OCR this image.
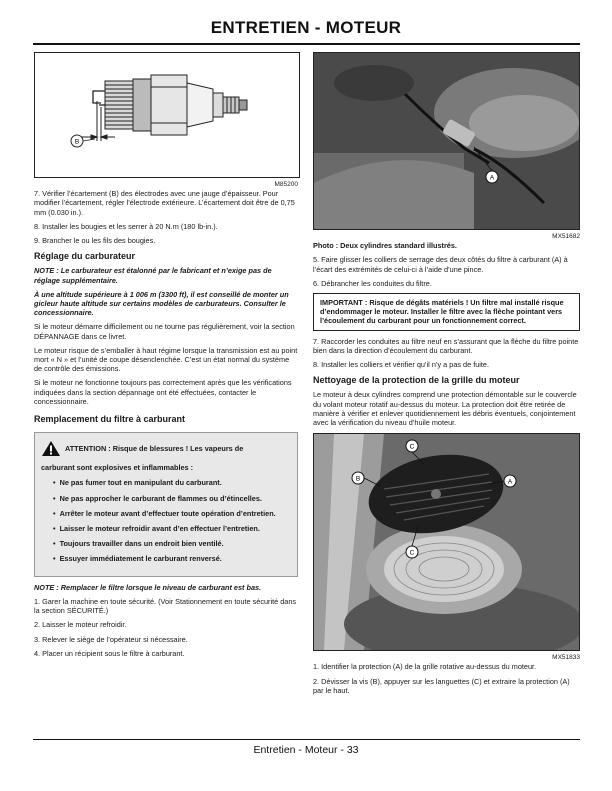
ENTRETIEN - MOTEUR
B
M85200

7. Vérifier l’écartement (B) des électrodes avec une jauge d’épaisseur. Pour modifier l’écartement, régler l’électrode extérieure. L’écartement doit être de 0,75 mm (0.030 in.).

8. Installer les bougies et les serrer à 20 N.m (180 lb-in.).

9. Brancher le ou les fils des bougies.

Réglage du carburateur

NOTE : Le carburateur est étalonné par le fabricant et n’exige pas de réglage supplémentaire.

À une altitude supérieure à 1 006 m (3300 ft), il est conseillé de monter un gicleur haute altitude sur certains modèles de carburateurs. Consulter le concessionnaire.

Si le moteur démarre difficilement ou ne tourne pas régulièrement, voir la section DÉPANNAGE dans ce livret.

Le moteur risque de s’emballer à haut régime lorsque la transmission est au point mort « N » et l’unité de coupe désenclenchée. C’est un état normal du système de contrôle des émissions.

Si le moteur ne fonctionne toujours pas correctement après que les vérifications indiquées dans la section dépannage ont été effectuées, contacter le concessionnaire.

Remplacement du filtre à carburant
ATTENTION : Risque de blessures ! Les vapeurs de
carburant sont explosives et inflammables :
• Ne pas fumer tout en manipulant du carburant.
• Ne pas approcher le carburant de flammes ou d’étincelles.
• Arrêter le moteur avant d’effectuer toute opération d’entretien.
• Laisser le moteur refroidir avant d’en effectuer l’entretien.
• Toujours travailler dans un endroit bien ventilé.
• Essuyer immédiatement le carburant renversé.

NOTE : Remplacer le filtre lorsque le niveau de carburant est bas.

1. Garer la machine en toute sécurité. (Voir Stationnement en toute sécurité dans la section SÉCURITÉ.)

2. Laisser le moteur refroidir.

3. Relever le siège de l’opérateur si nécessaire.

4. Placer un récipient sous le filtre à carburant.

A
MX51682

Photo : Deux cylindres standard illustrés.

5. Faire glisser les colliers de serrage des deux côtés du filtre à carburant (A) à l’écart des extrémités de celui-ci à l’aide d’une pince.

6. Débrancher les conduites du filtre.

IMPORTANT : Risque de dégâts matériels ! Un filtre mal installé risque d’endommager le moteur. Installer le filtre avec la flèche pointant vers l’écoulement du carburant pour un fonctionnement correct.

7. Raccorder les conduites au filtre neuf en s’assurant que la flèche du filtre pointe bien dans la direction d’écoulement du carburant.

8. Installer les colliers et vérifier qu’il n’y a pas de fuite.

Nettoyage de la protection de la grille du moteur

Le moteur à deux cylindres comprend une protection démontable sur le couvercle du volant moteur rotatif au-dessus du moteur. La protection doit être retirée de manière à vérifier et enlever quotidiennement les débris éventuels, conjointement avec la vérification du niveau d’huile moteur.

C
B	A
C
MX51833

1. Identifier la protection (A) de la grille rotative au-dessus du moteur.

2. Dévisser la vis (B), appuyer sur les languettes (C) et extraire la protection (A) par le haut.

Entretien - Moteur - 33
